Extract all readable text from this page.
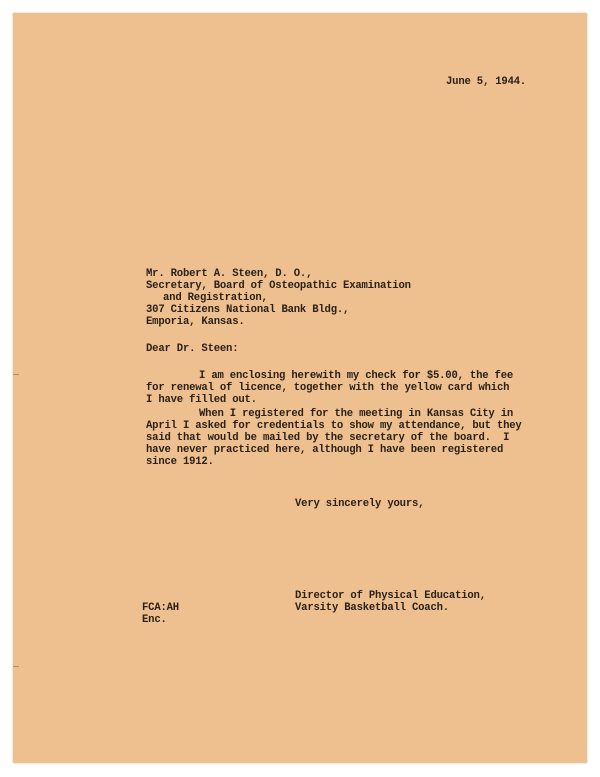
June 5, 1944.
Mr. Robert A. Steen, D. O.,
Secretary, Board of Osteopathic Examination
and Registration,
307 Citizens National Bank Bldg.,
Emporia, Kansas.
Dear Dr. Steen:
I am enclosing herewith my check for $5.00, the fee
for renewal of licence, together with the yellow card which
I have filled out.
When I registered for the meeting in Kansas City in
April I asked for credentials to show my attendance, but they
said that would be mailed by the secretary of the board.  I
have never practiced here, although I have been registered
since 1912.
Very sincerely yours,
Director of Physical Education,
Varsity Basketball Coach.
FCA:AH
Enc.
